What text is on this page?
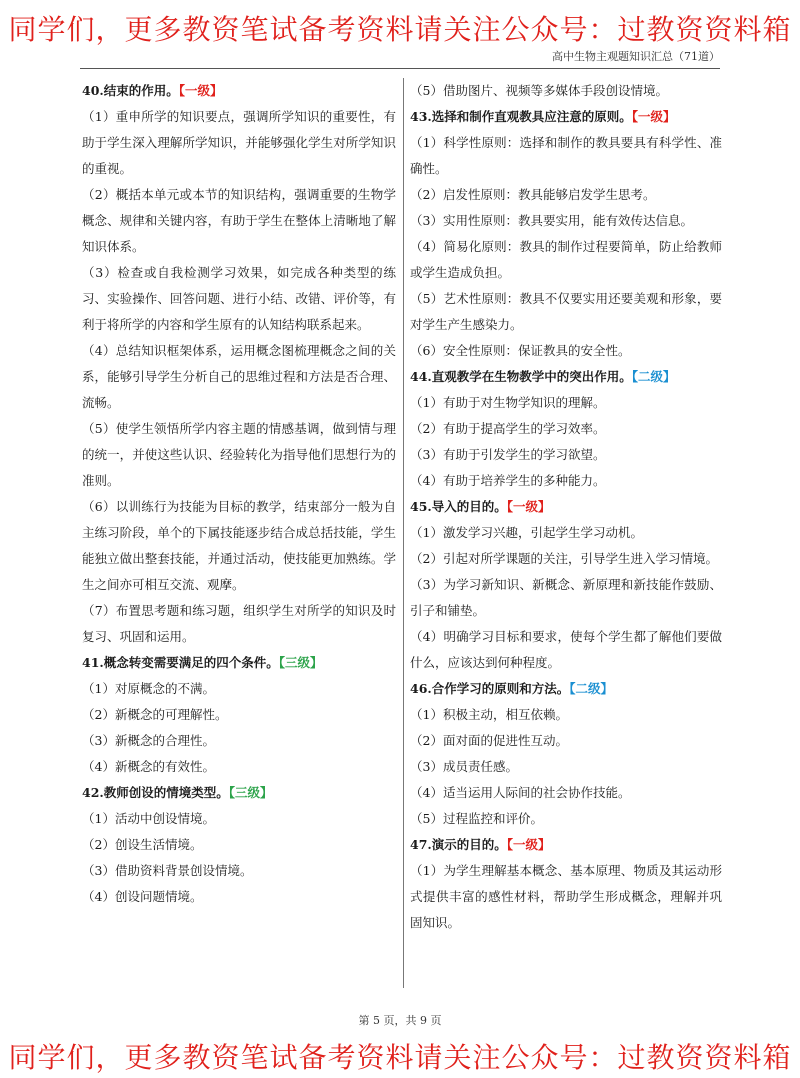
同学们，更多教资笔试备考资料请关注公众号：过教资资料箱
高中生物主观题知识汇总（71道）

40.结束的作用。【一级】

（1）重申所学的知识要点，强调所学知识的重要性，有助于学生深入理解所学知识，并能够强化学生对所学知识的重视。

（2）概括本单元或本节的知识结构，强调重要的生物学概念、规律和关键内容，有助于学生在整体上清晰地了解知识体系。

（3）检查或自我检测学习效果，如完成各种类型的练习、实验操作、回答问题、进行小结、改错、评价等，有利于将所学的内容和学生原有的认知结构联系起来。

（4）总结知识框架体系，运用概念图梳理概念之间的关系，能够引导学生分析自己的思维过程和方法是否合理、流畅。

（5）使学生领悟所学内容主题的情感基调，做到情与理的统一，并使这些认识、经验转化为指导他们思想行为的准则。

（6）以训练行为技能为目标的教学，结束部分一般为自主练习阶段，单个的下属技能逐步结合成总括技能，学生能独立做出整套技能，并通过活动，使技能更加熟练。学生之间亦可相互交流、观摩。

（7）布置思考题和练习题，组织学生对所学的知识及时复习、巩固和运用。

41.概念转变需要满足的四个条件。【三级】

（1）对原概念的不满。

（2）新概念的可理解性。

（3）新概念的合理性。

（4）新概念的有效性。

42.教师创设的情境类型。【三级】

（1）活动中创设情境。

（2）创设生活情境。

（3）借助资料背景创设情境。

（4）创设问题情境。

（5）借助图片、视频等多媒体手段创设情境。

43.选择和制作直观教具应注意的原则。【一级】

（1）科学性原则：选择和制作的教具要具有科学性、准确性。

（2）启发性原则：教具能够启发学生思考。

（3）实用性原则：教具要实用，能有效传达信息。

（4）简易化原则：教具的制作过程要简单，防止给教师或学生造成负担。

（5）艺术性原则：教具不仅要实用还要美观和形象，要对学生产生感染力。

（6）安全性原则：保证教具的安全性。

44.直观教学在生物教学中的突出作用。【二级】

（1）有助于对生物学知识的理解。

（2）有助于提高学生的学习效率。

（3）有助于引发学生的学习欲望。

（4）有助于培养学生的多种能力。

45.导入的目的。【一级】

（1）激发学习兴趣，引起学生学习动机。

（2）引起对所学课题的关注，引导学生进入学习情境。

（3）为学习新知识、新概念、新原理和新技能作鼓励、引子和铺垫。

（4）明确学习目标和要求，使每个学生都了解他们要做什么，应该达到何种程度。

46.合作学习的原则和方法。【二级】

（1）积极主动，相互依赖。

（2）面对面的促进性互动。

（3）成员责任感。

（4）适当运用人际间的社会协作技能。

（5）过程监控和评价。

47.演示的目的。【一级】

（1）为学生理解基本概念、基本原理、物质及其运动形式提供丰富的感性材料，帮助学生形成概念，理解并巩固知识。

第 5 页，共 9 页
同学们，更多教资笔试备考资料请关注公众号：过教资资料箱
